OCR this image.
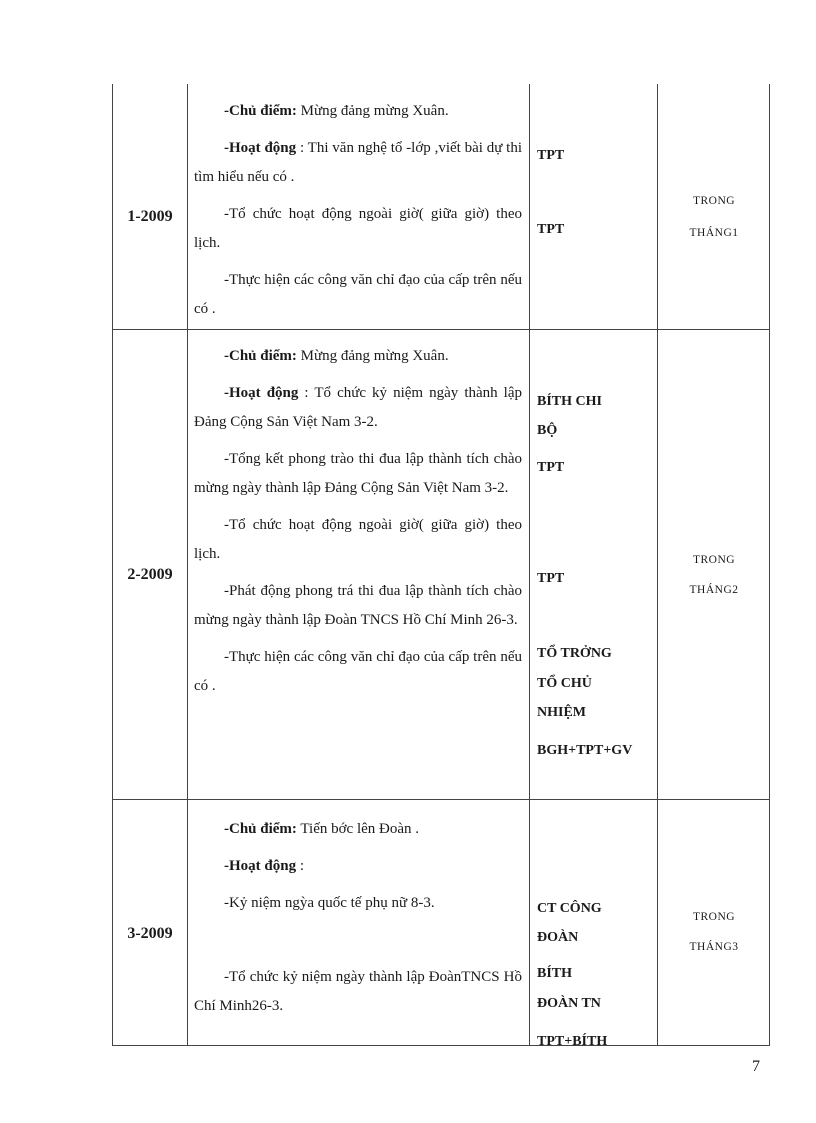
1-2009

-Chủ điểm: Mừng đảng mừng Xuân.

-Hoạt động : Thi văn nghệ tổ -lớp ,viết bài dự thi tìm hiểu nếu có .

-Tổ chức hoạt động ngoài giờ( giữa giờ) theo lịch.

-Thực hiện các công văn chỉ đạo của cấp trên nếu có .

TPT
TPT
TRONG
THÁNG1
2-2009

-Chủ điểm: Mừng đảng mừng Xuân.

-Hoạt động : Tổ chức kỷ niệm ngày thành lập Đảng Cộng Sản Việt Nam 3-2.

-Tổng kết phong trào thi đua lập thành tích chào mừng ngày thành lập Đảng Cộng Sản Việt Nam 3-2.

-Tổ chức hoạt động ngoài giờ( giữa giờ) theo lịch.

-Phát động phong trá thi đua lập thành tích chào mừng ngày thành lập Đoàn TNCS Hồ Chí Minh 26-3.

-Thực hiện các công văn chỉ đạo của cấp trên nếu có .

BÍTH CHI
BỘ
TPT
TPT
TỔ TRỞNG
TỔ CHỦ
NHIỆM
BGH+TPT+GV
TRONG
THÁNG2
3-2009

-Chủ điểm: Tiến bớc lên Đoàn .

-Hoạt động :

-Kỷ niệm ngỳa quốc tế phụ nữ 8-3.

-Tổ chức kỷ niệm ngày thành lập ĐoànTNCS Hồ Chí Minh26-3.

CT CÔNG
ĐOÀN
BÍTH
ĐOÀN TN
TPT+BÍTH
TRONG
THÁNG3
7
